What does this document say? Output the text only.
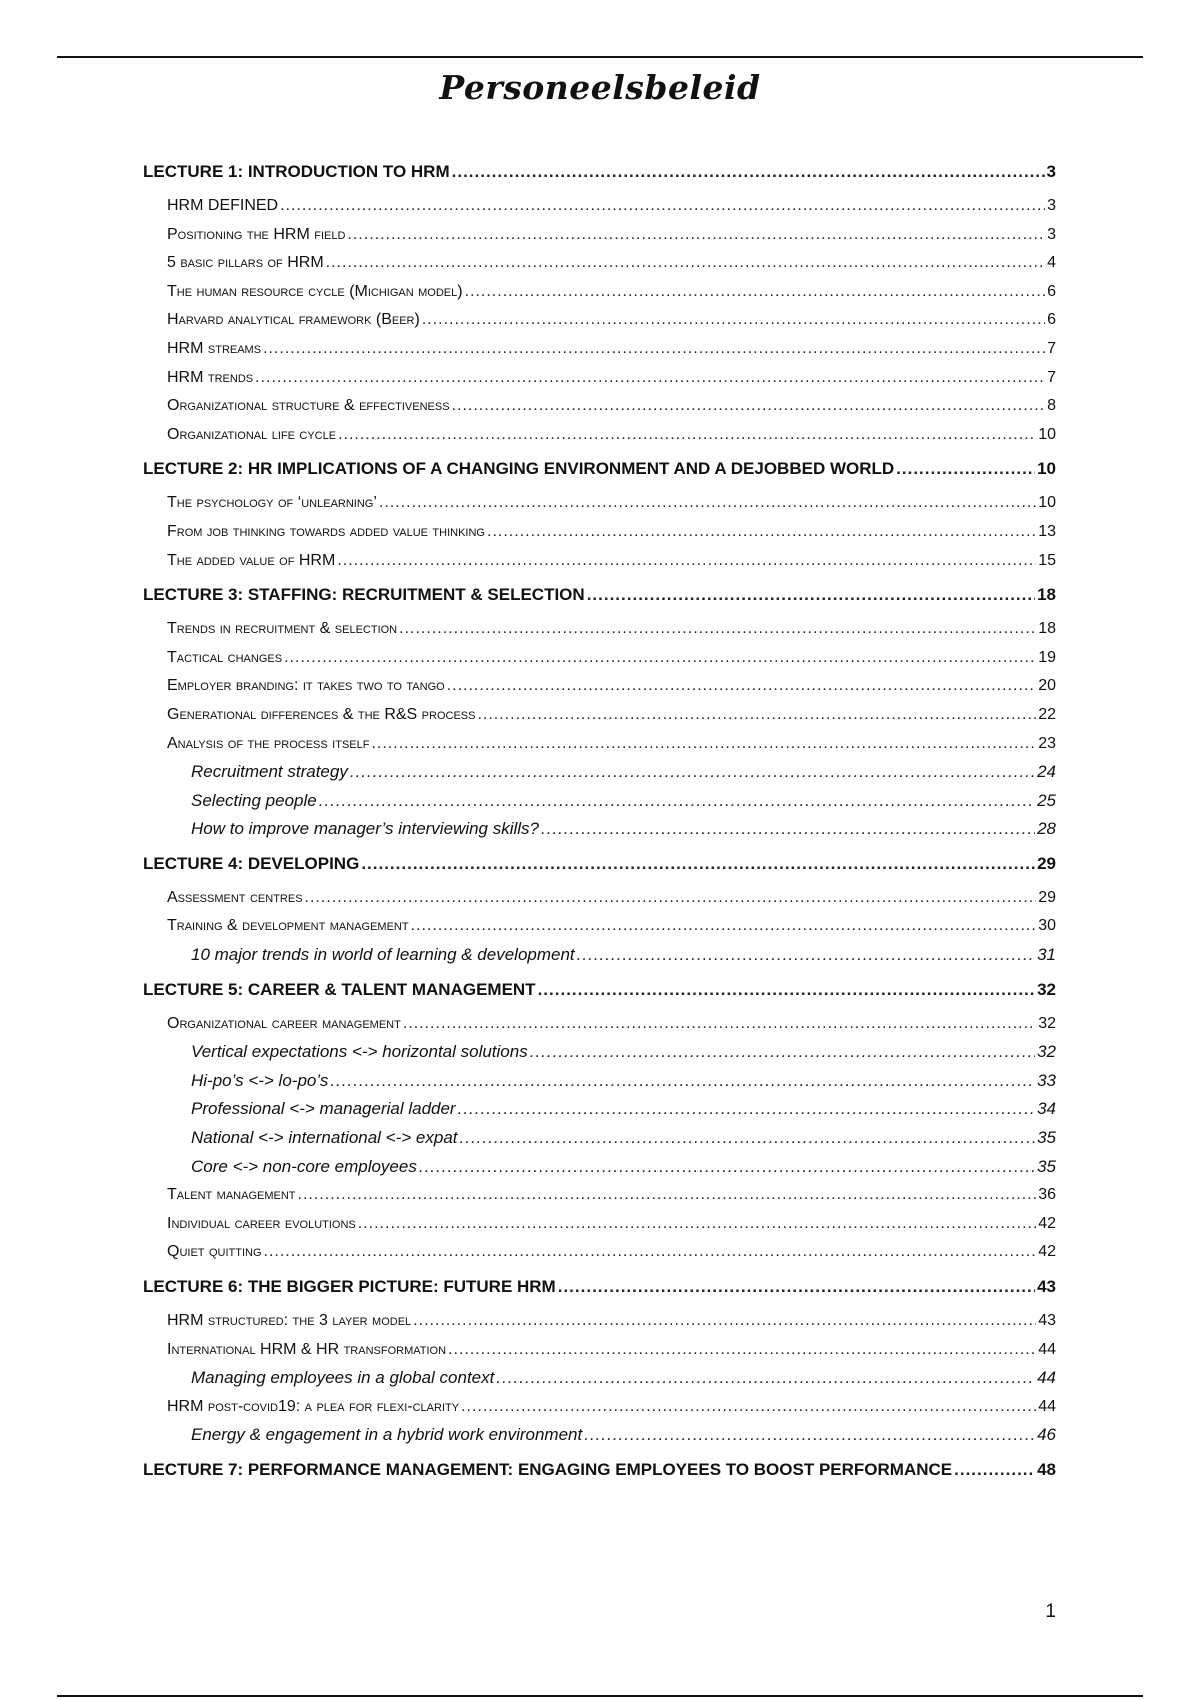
Personeelsbeleid
LECTURE 1: INTRODUCTION TO HRM .....	3
HRM DEFINED .....	3
Positioning the HRM field .....	3
5 basic pillars of HRM .....	4
The human resource cycle (Michigan model) .....	6
Harvard analytical framework (Beer) .....	6
HRM streams .....	7
HRM trends .....	7
Organizational structure & effectiveness .....	8
Organizational life cycle .....	10
LECTURE 2: HR IMPLICATIONS OF A CHANGING ENVIRONMENT AND A DEJOBBED WORLD .....	10
The psychology of ‘unlearning’ .....	10
From job thinking towards added value thinking .....	13
The added value of HRM .....	15
LECTURE 3: STAFFING: RECRUITMENT & SELECTION .....	18
Trends in recruitment & selection .....	18
Tactical changes .....	19
Employer branding: it takes two to tango .....	20
Generational differences & the R&S process .....	22
Analysis of the process itself .....	23
Recruitment strategy .....	24
Selecting people .....	25
How to improve manager’s interviewing skills? .....	28
LECTURE 4: DEVELOPING .....	29
Assessment centres .....	29
Training & development management .....	30
10 major trends in world of learning & development .....	31
LECTURE 5: CAREER & TALENT MANAGEMENT .....	32
Organizational career management .....	32
Vertical expectations <-> horizontal solutions .....	32
Hi-po’s <-> lo-po’s .....	33
Professional <-> managerial ladder .....	34
National <-> international <-> expat .....	35
Core <-> non-core employees .....	35
Talent management .....	36
Individual career evolutions .....	42
Quiet quitting .....	42
LECTURE 6: THE BIGGER PICTURE: FUTURE HRM .....	43
HRM structured: the 3 layer model .....	43
International HRM & HR transformation .....	44
Managing employees in a global context .....	44
HRM post-covid19: a plea for flexi-clarity .....	44
Energy & engagement in a hybrid work environment .....	46
LECTURE 7: PERFORMANCE MANAGEMENT: ENGAGING EMPLOYEES TO BOOST PERFORMANCE .....	48
1
